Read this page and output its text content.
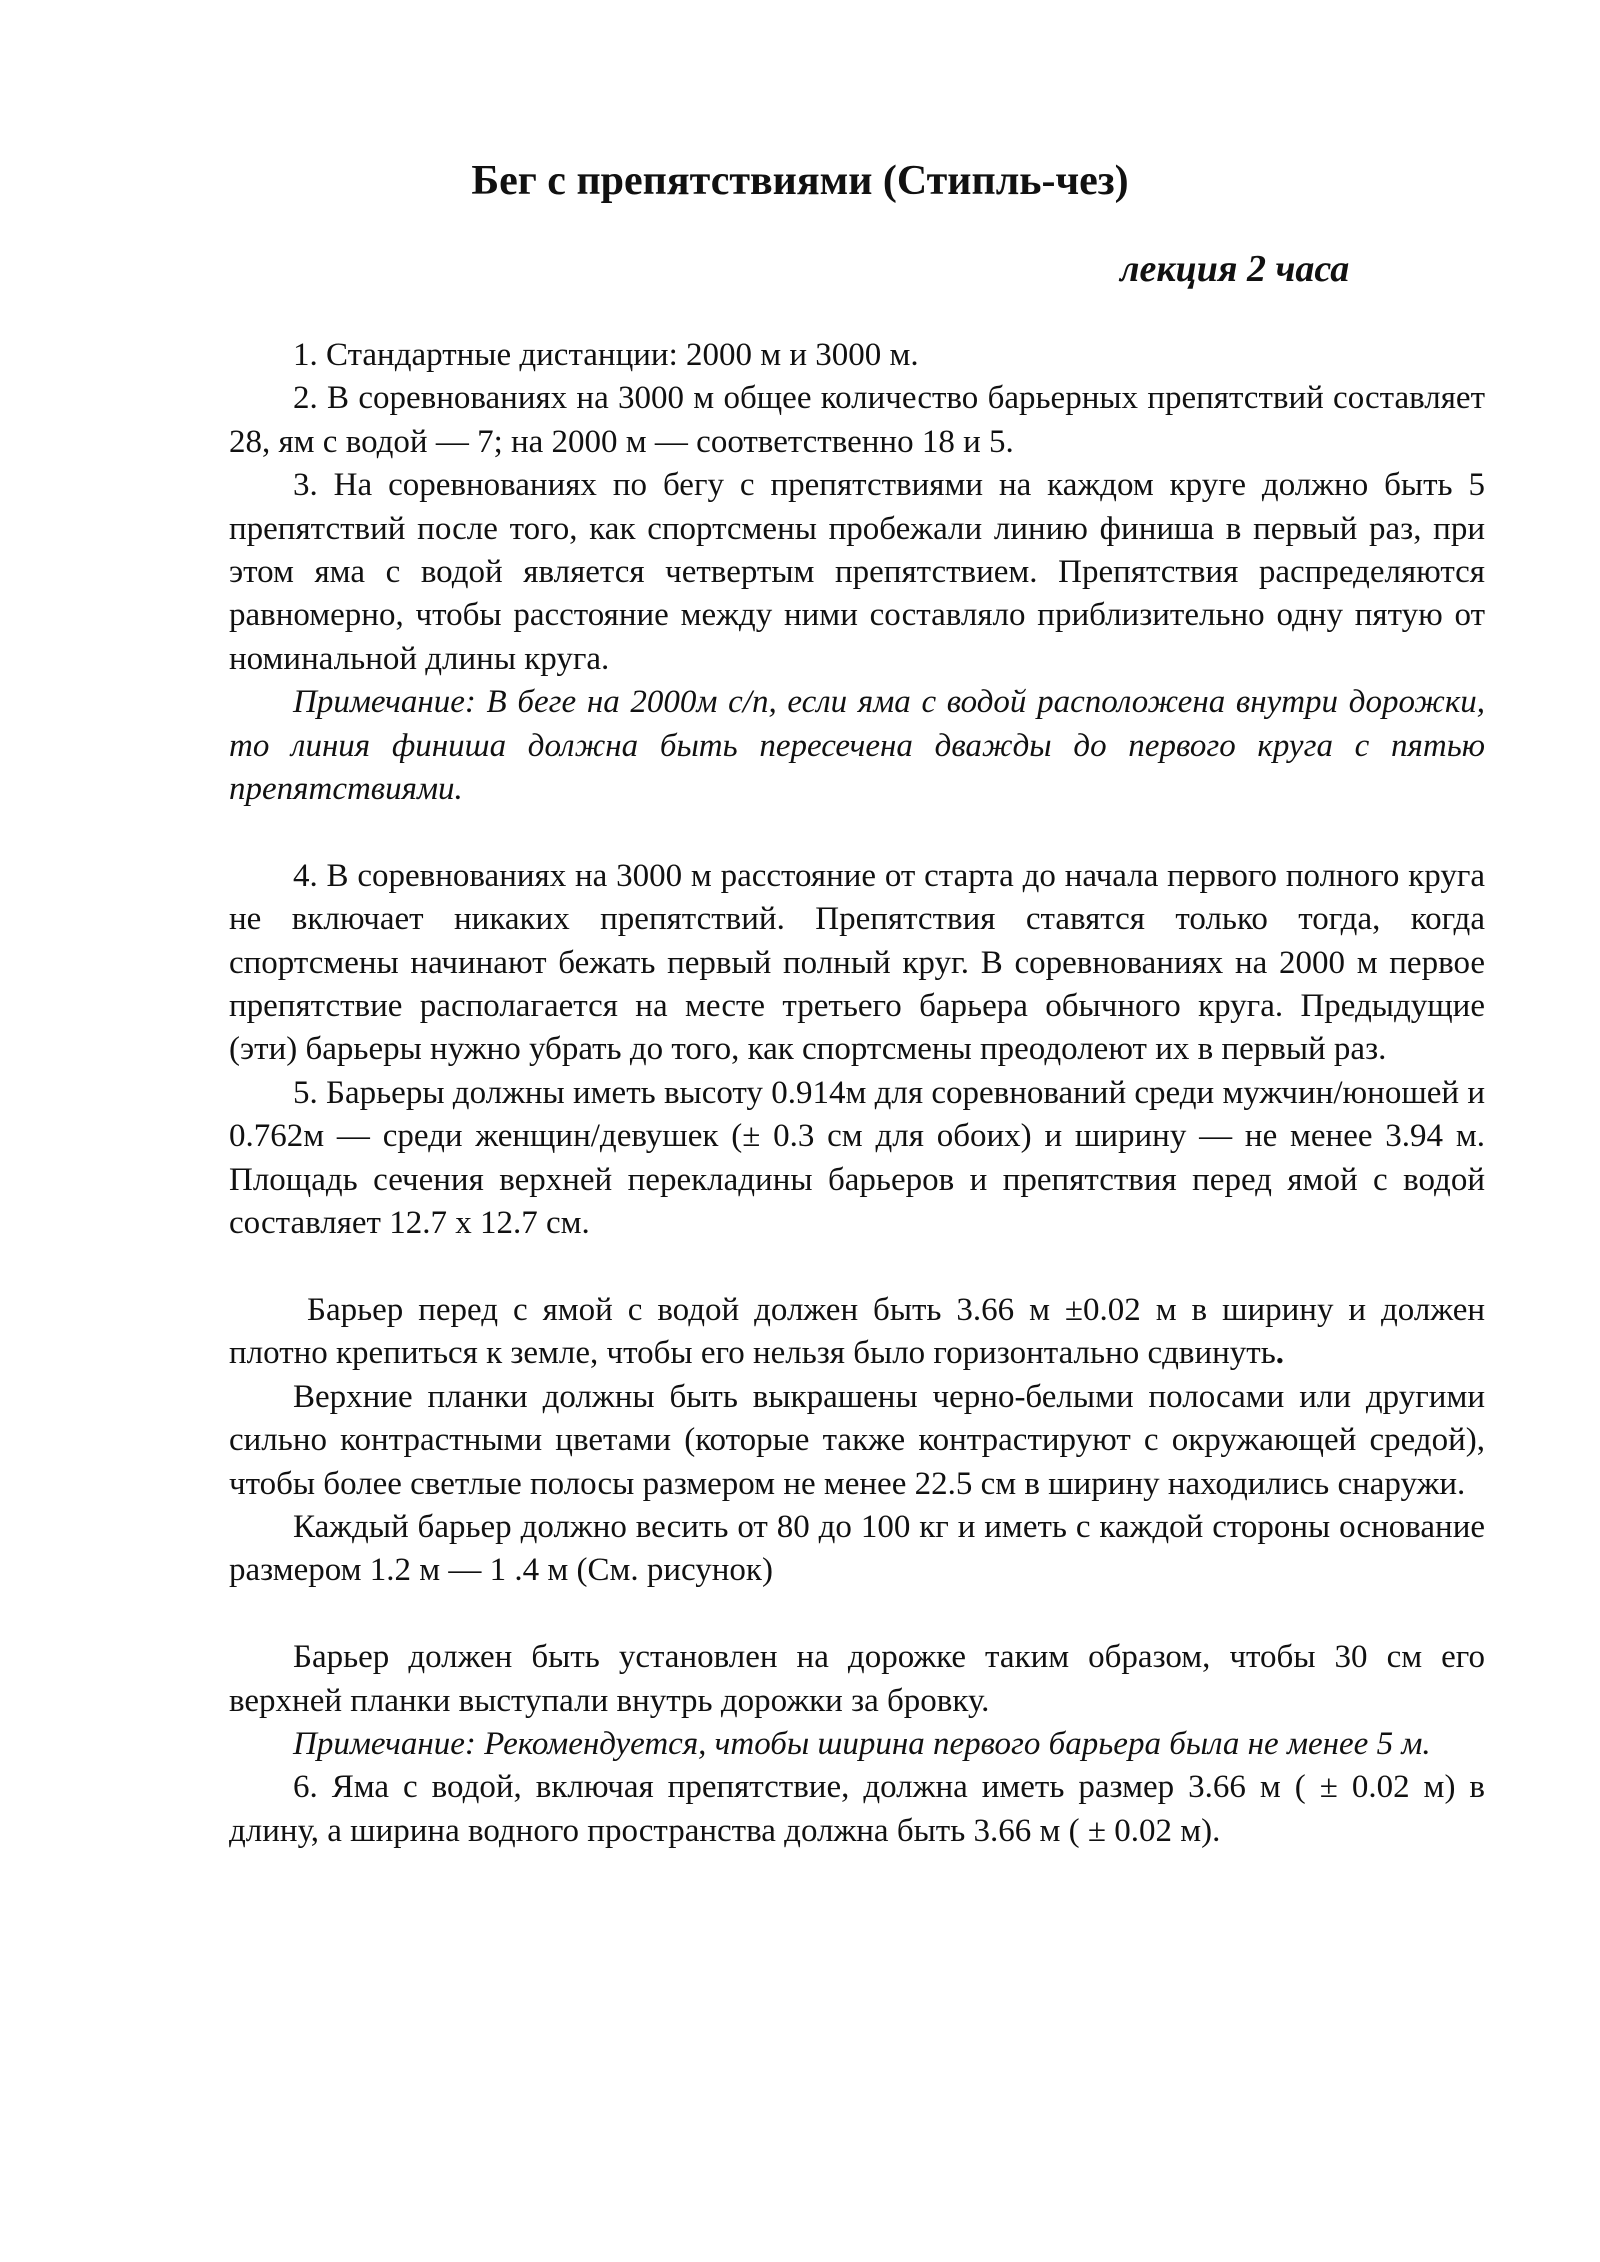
Бег с препятствиями (Стипль-чез)
лекция 2 часа

1. Стандартные дистанции: 2000 м и 3000 м.

2. В соревнованиях на 3000 м общее количество барьерных препятствий составляет 28, ям с водой — 7; на 2000 м — соответственно 18 и 5.

3. На соревнованиях по бегу с препятствиями на каждом круге должно быть 5 препятствий после того, как спортсмены пробежали линию финиша в первый раз, при этом яма с водой является четвертым препятствием. Препятствия распределяются равномерно, чтобы расстояние между ними составляло приблизительно одну пятую от номинальной длины круга.

Примечание: В беге на 2000м с/п, если яма с водой расположена внутри дорожки, то линия финиша должна быть пересечена дважды до первого круга с пятью препятствиями.

4. В соревнованиях на 3000 м расстояние от старта до начала первого полного круга не включает никаких препятствий. Препятствия ставятся только тогда, когда спортсмены начинают бежать первый полный круг. В соревнованиях на 2000 м первое препятствие располагается на месте третьего барьера обычного круга. Предыдущие (эти) барьеры нужно убрать до того, как спортсмены преодолеют их в первый раз.

5. Барьеры должны иметь высоту 0.914м для соревнований среди мужчин/юношей и 0.762м — среди женщин/девушек (± 0.3 см для обоих) и ширину — не менее 3.94 м. Площадь сечения верхней перекладины барьеров и препятствия перед ямой с водой составляет 12.7 х 12.7 см.

Барьер перед с ямой с водой должен быть 3.66 м ±0.02 м в ширину и должен плотно крепиться к земле, чтобы его нельзя было горизонтально сдвинуть.

Верхние планки должны быть выкрашены черно-белыми полосами или другими сильно контрастными цветами (которые также контрастируют с окружающей средой), чтобы более светлые полосы размером не менее 22.5 см в ширину находились снаружи.

Каждый барьер должно весить от 80 до 100 кг и иметь с каждой стороны основание размером 1.2 м — 1 .4 м (См. рисунок)

Барьер должен быть установлен на дорожке таким образом, чтобы 30 см его верхней планки выступали внутрь дорожки за бровку.

Примечание: Рекомендуется, чтобы ширина первого барьера была не менее 5 м.

6. Яма с водой, включая препятствие, должна иметь размер 3.66 м ( ± 0.02 м) в длину, а ширина водного пространства должна быть 3.66 м ( ± 0.02 м).
